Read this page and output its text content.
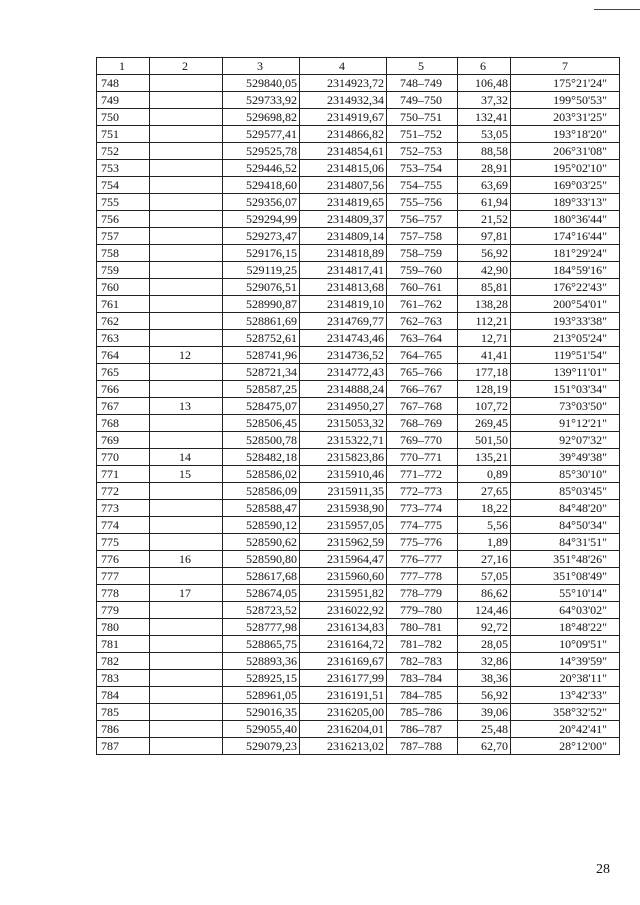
1	2	3	4	5	6	7
748		529840,05	2314923,72	748–749	106,48	175°21'24"
749		529733,92	2314932,34	749–750	37,32	199°50'53"
750		529698,82	2314919,67	750–751	132,41	203°31'25"
751		529577,41	2314866,82	751–752	53,05	193°18'20"
752		529525,78	2314854,61	752–753	88,58	206°31'08"
753		529446,52	2314815,06	753–754	28,91	195°02'10"
754		529418,60	2314807,56	754–755	63,69	169°03'25"
755		529356,07	2314819,65	755–756	61,94	189°33'13"
756		529294,99	2314809,37	756–757	21,52	180°36'44"
757		529273,47	2314809,14	757–758	97,81	174°16'44"
758		529176,15	2314818,89	758–759	56,92	181°29'24"
759		529119,25	2314817,41	759–760	42,90	184°59'16"
760		529076,51	2314813,68	760–761	85,81	176°22'43"
761		528990,87	2314819,10	761–762	138,28	200°54'01"
762		528861,69	2314769,77	762–763	112,21	193°33'38"
763		528752,61	2314743,46	763–764	12,71	213°05'24"
764	12	528741,96	2314736,52	764–765	41,41	119°51'54"
765		528721,34	2314772,43	765–766	177,18	139°11'01"
766		528587,25	2314888,24	766–767	128,19	151°03'34"
767	13	528475,07	2314950,27	767–768	107,72	73°03'50"
768		528506,45	2315053,32	768–769	269,45	91°12'21"
769		528500,78	2315322,71	769–770	501,50	92°07'32"
770	14	528482,18	2315823,86	770–771	135,21	39°49'38"
771	15	528586,02	2315910,46	771–772	0,89	85°30'10"
772		528586,09	2315911,35	772–773	27,65	85°03'45"
773		528588,47	2315938,90	773–774	18,22	84°48'20"
774		528590,12	2315957,05	774–775	5,56	84°50'34"
775		528590,62	2315962,59	775–776	1,89	84°31'51"
776	16	528590,80	2315964,47	776–777	27,16	351°48'26"
777		528617,68	2315960,60	777–778	57,05	351°08'49"
778	17	528674,05	2315951,82	778–779	86,62	55°10'14"
779		528723,52	2316022,92	779–780	124,46	64°03'02"
780		528777,98	2316134,83	780–781	92,72	18°48'22"
781		528865,75	2316164,72	781–782	28,05	10°09'51"
782		528893,36	2316169,67	782–783	32,86	14°39'59"
783		528925,15	2316177,99	783–784	38,36	20°38'11"
784		528961,05	2316191,51	784–785	56,92	13°42'33"
785		529016,35	2316205,00	785–786	39,06	358°32'52"
786		529055,40	2316204,01	786–787	25,48	20°42'41"
787		529079,23	2316213,02	787–788	62,70	28°12'00"
28
